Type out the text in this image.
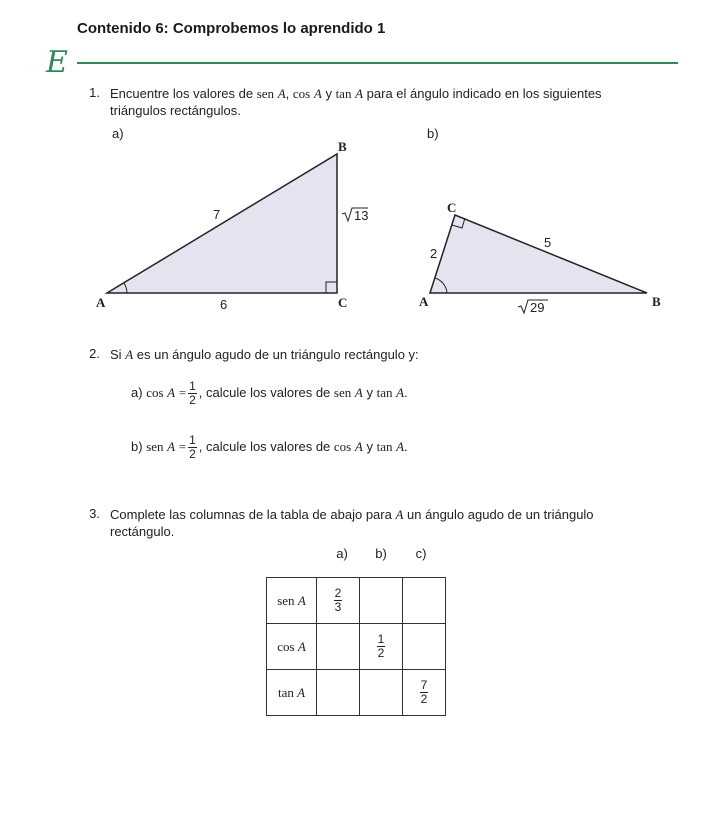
Contenido 6: Comprobemos lo aprendido 1
E
1. Encuentre los valores de sen A, cos A y tan A para el ángulo indicado en los siguientes
triángulos rectángulos.
a)	b)
A
B
C
7
6
13
A	B
C
2
5
29
2. Si A es un ángulo agudo de un triángulo rectángulo y:
a) $\cos A = \frac{1}{2}$ , calcule los valores de sen A y tan A.
b) sen $A = \frac{1}{2}$ , calcule los valores de cos A y tan A.
3. Complete las columnas de la tabla de abajo para A un ángulo agudo de un triángulo
rectángulo.
a)	b)	c)
sen A	$\frac{2}{3}$

cos A		$\frac{1}{2}$

tan A			$\frac{7}{2}$
